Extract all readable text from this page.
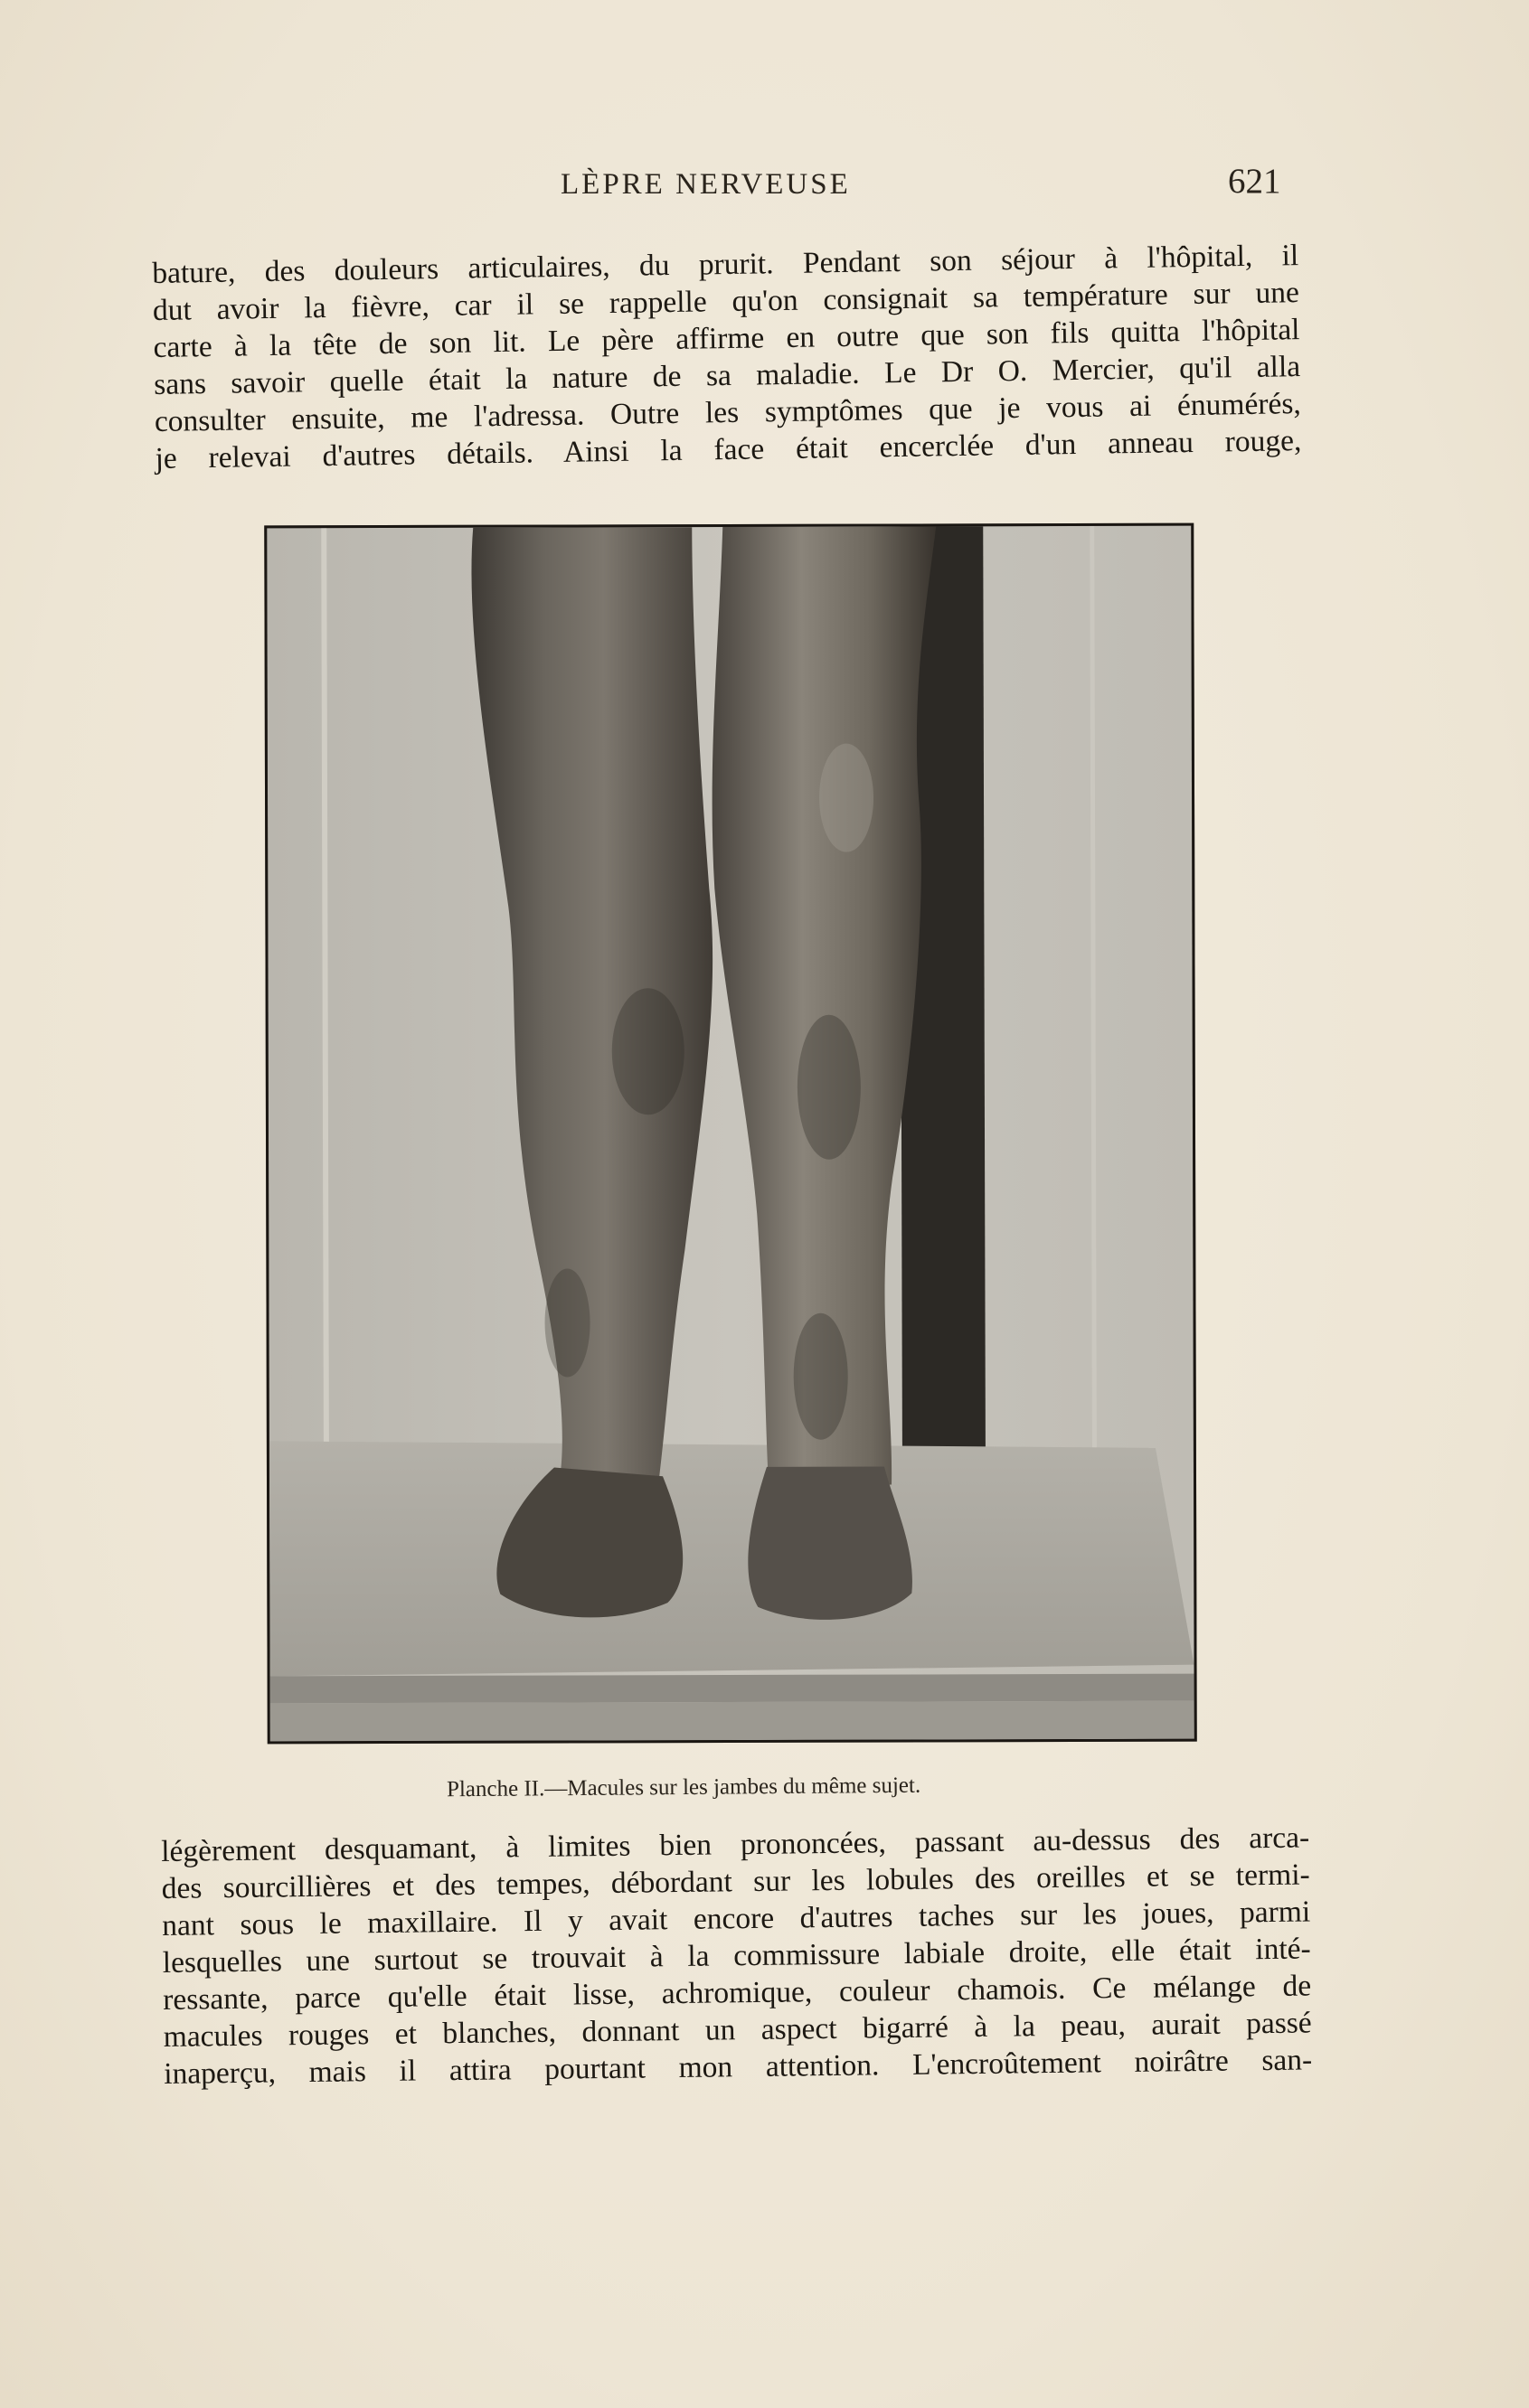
LÈPRE NERVEUSE	621
bature, des douleurs articulaires, du prurit. Pendant son séjour à l'hôpital, il
dut avoir la fièvre, car il se rappelle qu'on consignait sa température sur une
carte à la tête de son lit. Le père affirme en outre que son fils quitta l'hôpital
sans savoir quelle était la nature de sa maladie. Le Dr O. Mercier, qu'il alla
consulter ensuite, me l'adressa. Outre les symptômes que je vous ai énumérés,
je relevai d'autres détails. Ainsi la face était encerclée d'un anneau rouge,
Planche II.—Macules sur les jambes du même sujet.
légèrement desquamant, à limites bien prononcées, passant au-dessus des arca-
des sourcillières et des tempes, débordant sur les lobules des oreilles et se termi-
nant sous le maxillaire. Il y avait encore d'autres taches sur les joues, parmi
lesquelles une surtout se trouvait à la commissure labiale droite, elle était inté-
ressante, parce qu'elle était lisse, achromique, couleur chamois. Ce mélange de
macules rouges et blanches, donnant un aspect bigarré à la peau, aurait passé
inaperçu, mais il attira pourtant mon attention. L'encroûtement noirâtre san-
